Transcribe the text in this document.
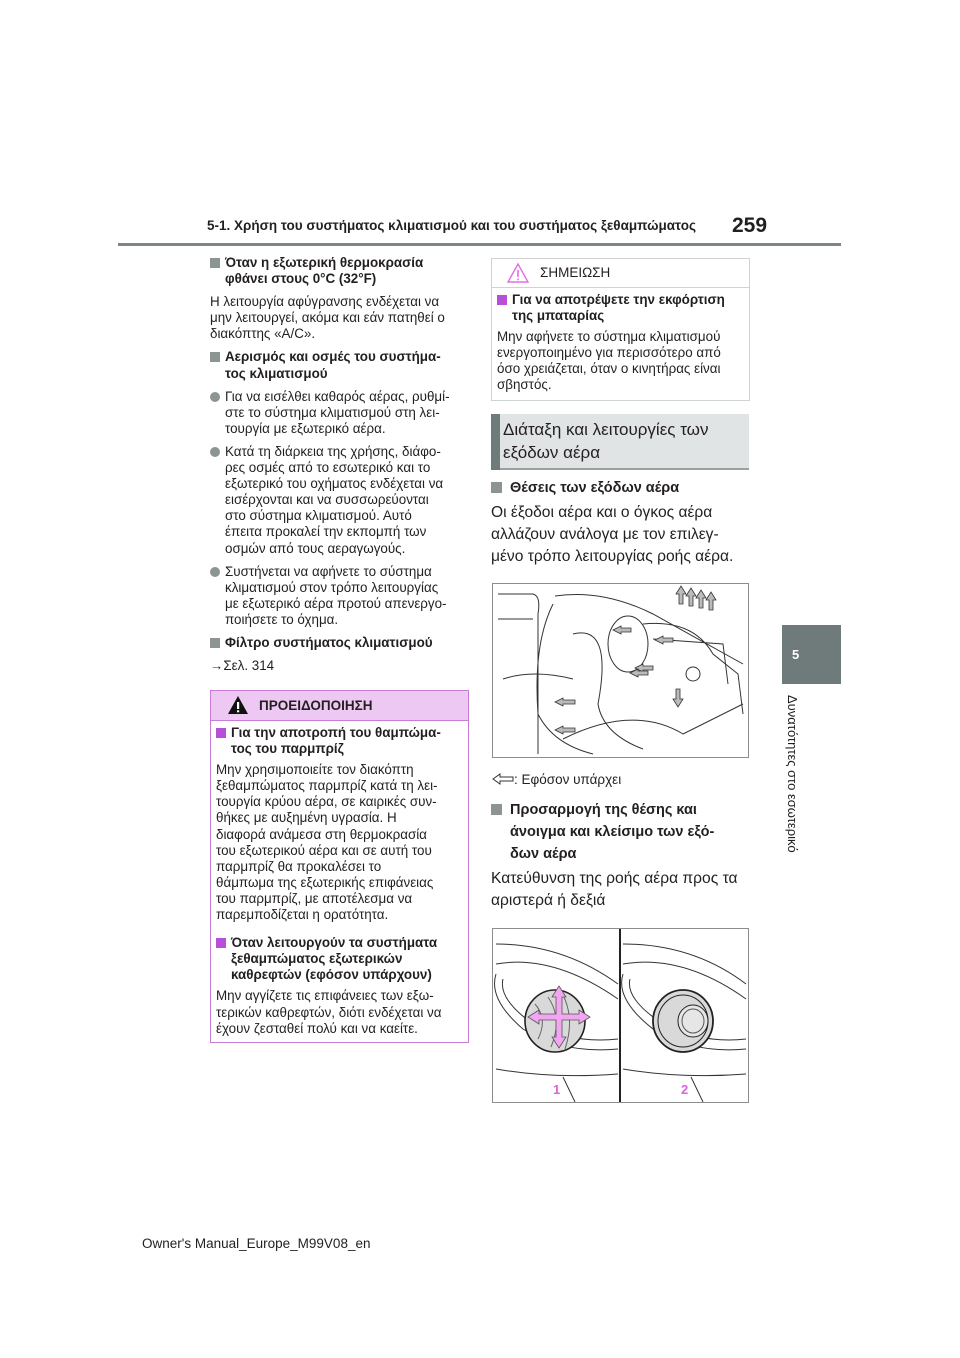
5-1. Χρήση του συστήματος κλιματισμού και του συστήματος ξεθαμπώματος 259
5
Δυνατότητες στο εσωτερικό
Όταν η εξωτερική θερμοκρασία
φθάνει στους 0°C (32°F)
Η λειτουργία αφύγρανσης ενδέχεται να
μην λειτουργεί, ακόμα και εάν πατηθεί ο
διακόπτης «A/C».
Αερισμός και οσμές του συστήμα-
τος κλιματισμού
Για να εισέλθει καθαρός αέρας, ρυθμί-
στε το σύστημα κλιματισμού στη λει-
τουργία με εξωτερικό αέρα.
Κατά τη διάρκεια της χρήσης, διάφο-
ρες οσμές από το εσωτερικό και το
εξωτερικό του οχήματος ενδέχεται να
εισέρχονται και να συσσωρεύονται
στο σύστημα κλιματισμού. Αυτό
έπειτα προκαλεί την εκπομπή των
οσμών από τους αεραγωγούς.
Συστήνεται να αφήνετε το σύστημα
κλιματισμού στον τρόπο λειτουργίας
με εξωτερικό αέρα προτού απενεργο-
ποιήσετε το όχημα.
Φίλτρο συστήματος κλιματισμού
→Σελ. 314
ΠΡΟΕΙΔΟΠΟΙΗΣΗ
Για την αποτροπή του θαμπώμα-
τος του παρμπρίζ
Μην χρησιμοποιείτε τον διακόπτη
ξεθαμπώματος παρμπρίζ κατά τη λει-
τουργία κρύου αέρα, σε καιρικές συν-
θήκες με αυξημένη υγρασία. Η
διαφορά ανάμεσα στη θερμοκρασία
του εξωτερικού αέρα και σε αυτή του
παρμπρίζ θα προκαλέσει το
θάμπωμα της εξωτερικής επιφάνειας
του παρμπρίζ, με αποτέλεσμα να
παρεμποδίζεται η ορατότητα.
Όταν λειτουργούν τα συστήματα
ξεθαμπώματος εξωτερικών
καθρεφτών (εφόσον υπάρχουν)
Μην αγγίζετε τις επιφάνειες των εξω-
τερικών καθρεφτών, διότι ενδέχεται να
έχουν ζεσταθεί πολύ και να καείτε.
ΣΗΜΕΙΩΣΗ
Για να αποτρέψετε την εκφόρτιση
της μπαταρίας
Μην αφήνετε το σύστημα κλιματισμού
ενεργοποιημένο για περισσότερο από
όσο χρειάζεται, όταν ο κινητήρας είναι
σβηστός.
Διάταξη και λειτουργίες των
εξόδων αέρα
Θέσεις των εξόδων αέρα
Οι έξοδοι αέρα και ο όγκος αέρα
αλλάζουν ανάλογα με τον επιλεγ-
μένο τρόπο λειτουργίας ροής αέρα.
: Εφόσον υπάρχει
Προσαρμογή της θέσης και
άνοιγμα και κλείσιμο των εξό-
δων αέρα
Κατεύθυνση της ροής αέρα προς τα
αριστερά ή δεξιά
1	2
Owner's Manual_Europe_M99V08_en
